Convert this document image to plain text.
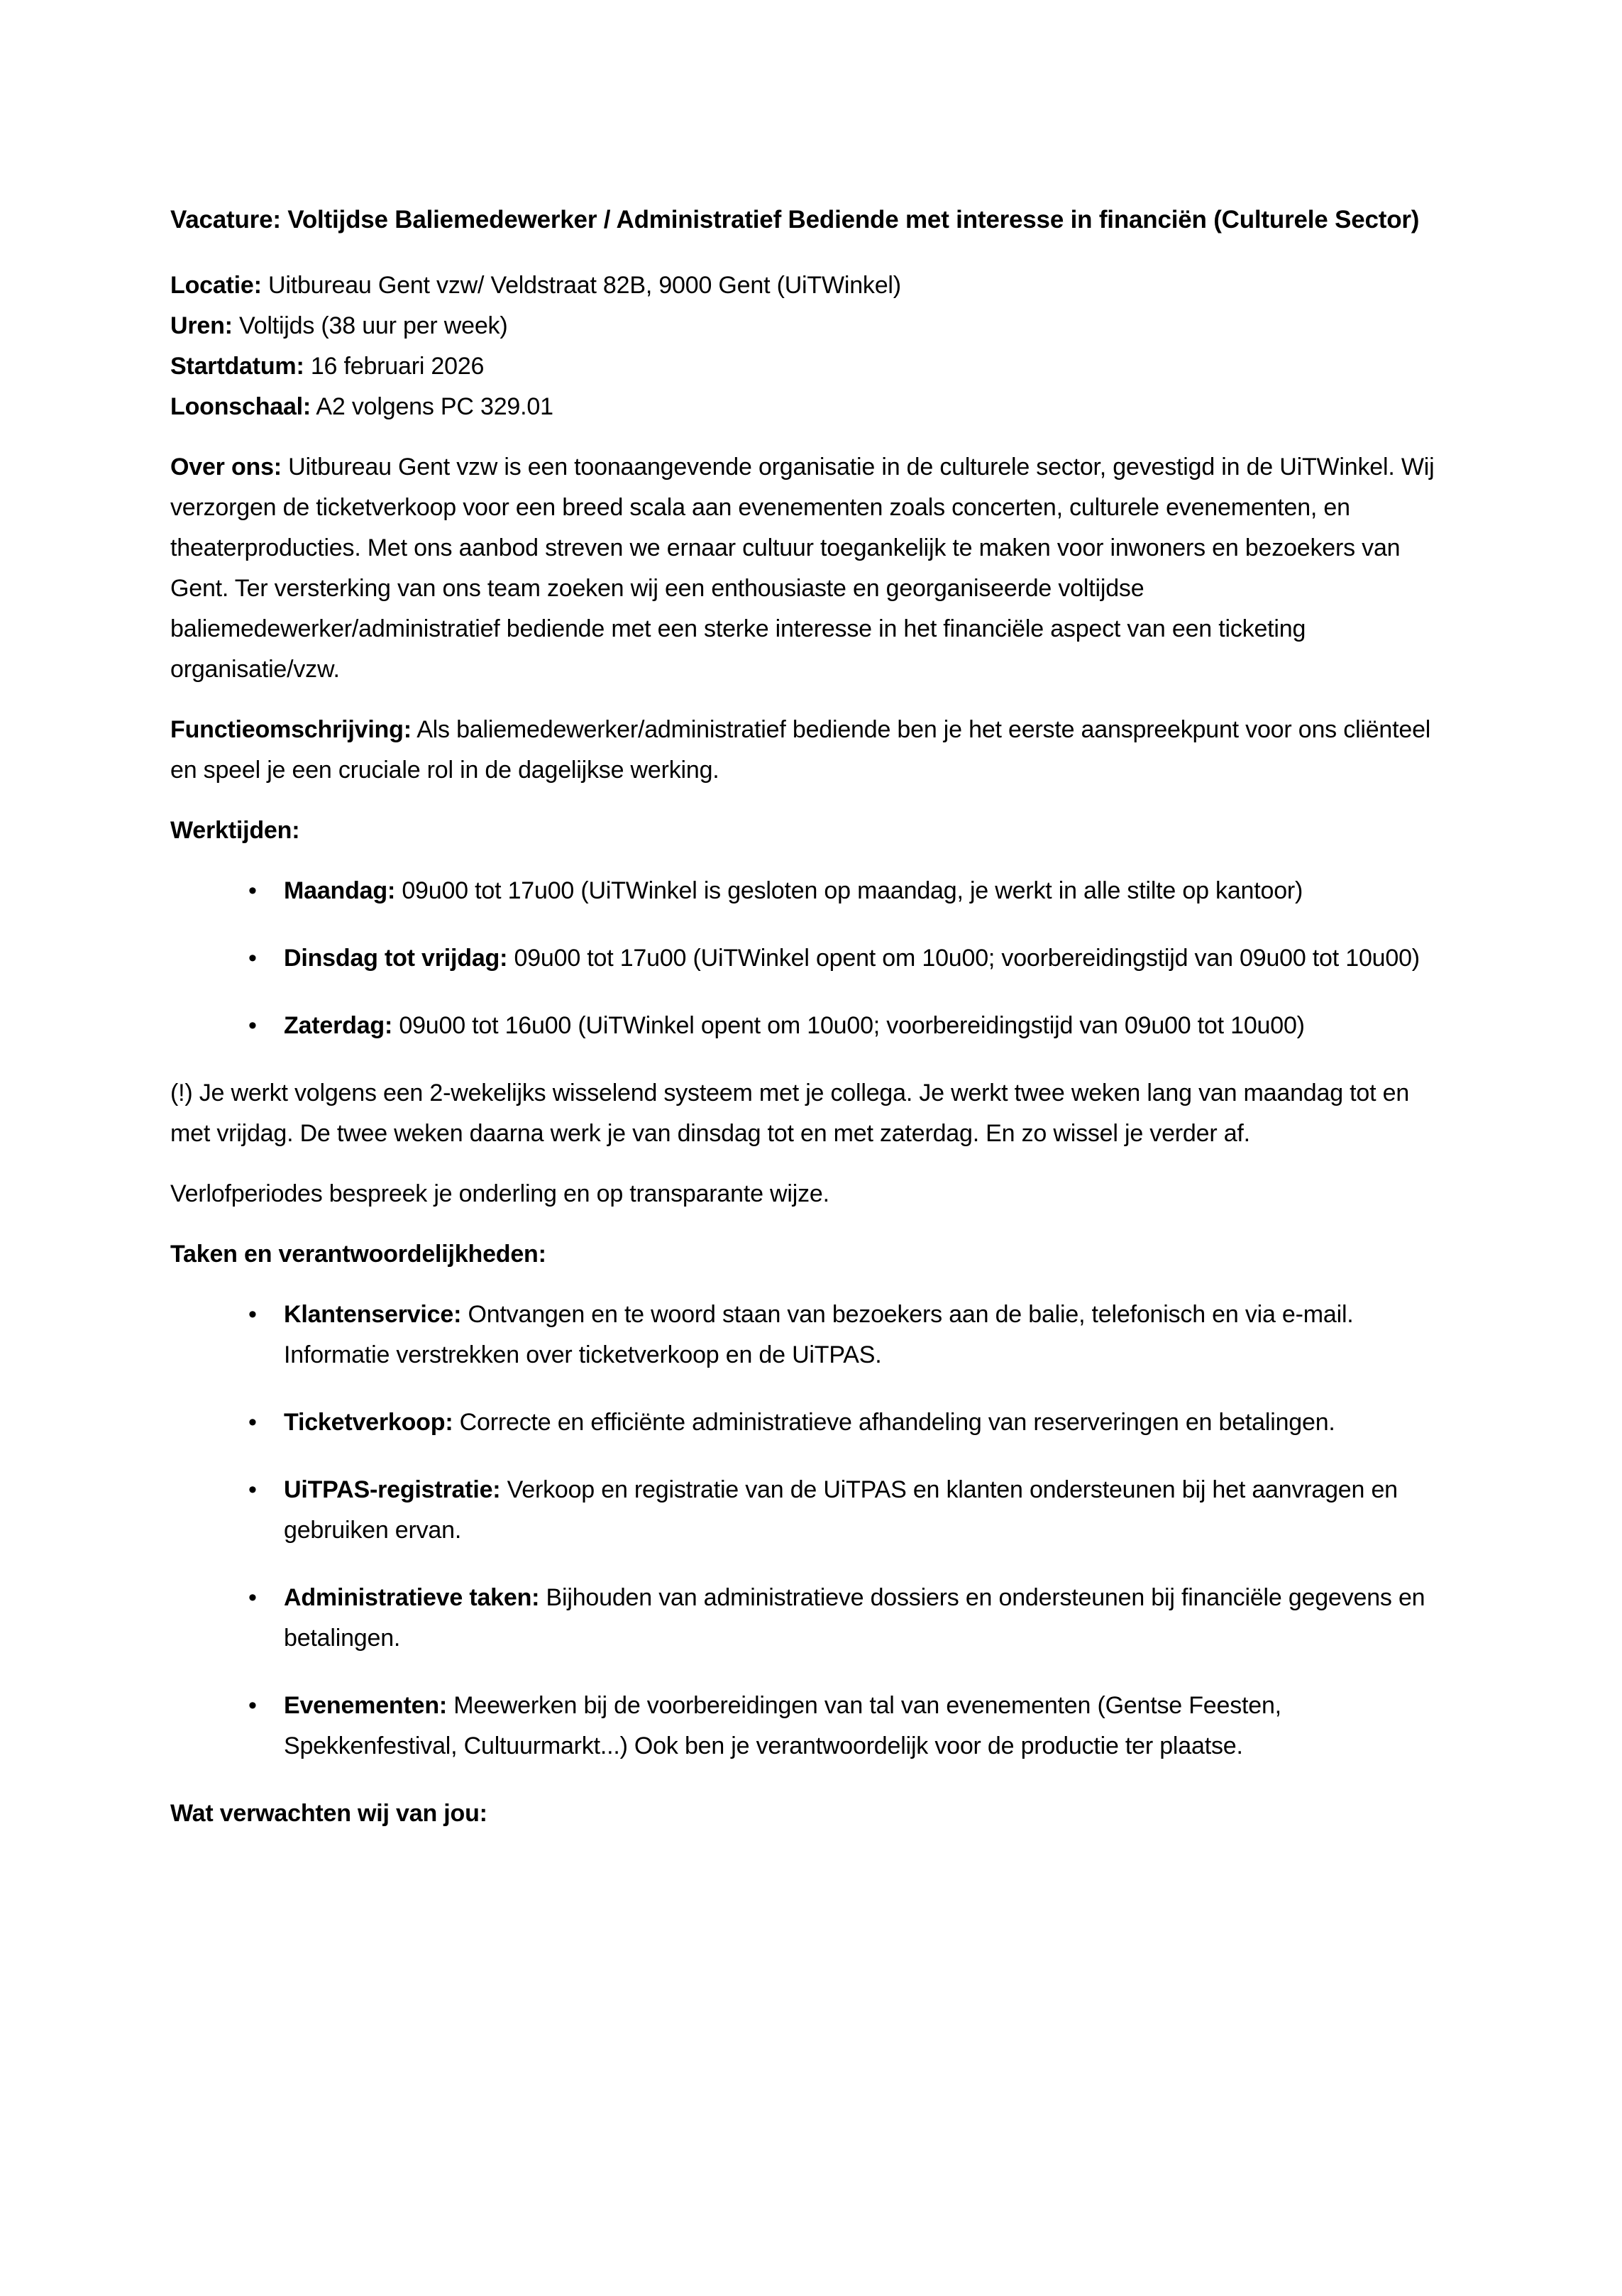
Vacature: Voltijdse Baliemedewerker / Administratief Bediende met interesse in financiën (Culturele Sector)
Locatie: Uitbureau Gent vzw/ Veldstraat 82B, 9000 Gent (UiTWinkel)
Uren: Voltijds (38 uur per week)
Startdatum: 16 februari 2026
Loonschaal: A2 volgens PC 329.01

Over ons: Uitbureau Gent vzw is een toonaangevende organisatie in de culturele sector, gevestigd in de UiTWinkel. Wij verzorgen de ticketverkoop voor een breed scala aan evenementen zoals concerten, culturele evenementen, en theaterproducties. Met ons aanbod streven we ernaar cultuur toegankelijk te maken voor inwoners en bezoekers van Gent. Ter versterking van ons team zoeken wij een enthousiaste en georganiseerde voltijdse baliemedewerker/administratief bediende met een sterke interesse in het financiële aspect van een ticketing organisatie/vzw.

Functieomschrijving: Als baliemedewerker/administratief bediende ben je het eerste aanspreekpunt voor ons cliënteel en speel je een cruciale rol in de dagelijkse werking.

Werktijden:
• Maandag: 09u00 tot 17u00 (UiTWinkel is gesloten op maandag, je werkt in alle stilte op kantoor)
• Dinsdag tot vrijdag: 09u00 tot 17u00 (UiTWinkel opent om 10u00; voorbereidingstijd van 09u00 tot 10u00)
• Zaterdag: 09u00 tot 16u00 (UiTWinkel opent om 10u00; voorbereidingstijd van 09u00 tot 10u00)

(!) Je werkt volgens een 2-wekelijks wisselend systeem met je collega. Je werkt twee weken lang van maandag tot en met vrijdag. De twee weken daarna werk je van dinsdag tot en met zaterdag. En zo wissel je verder af.

Verlofperiodes bespreek je onderling en op transparante wijze.

Taken en verantwoordelijkheden:
• Klantenservice: Ontvangen en te woord staan van bezoekers aan de balie, telefonisch en via e-mail. Informatie verstrekken over ticketverkoop en de UiTPAS.
• Ticketverkoop: Correcte en efficiënte administratieve afhandeling van reserveringen en betalingen.
• UiTPAS-registratie: Verkoop en registratie van de UiTPAS en klanten ondersteunen bij het aanvragen en gebruiken ervan.
• Administratieve taken: Bijhouden van administratieve dossiers en ondersteunen bij financiële gegevens en betalingen.
• Evenementen: Meewerken bij de voorbereidingen van tal van evenementen (Gentse Feesten, Spekkenfestival, Cultuurmarkt...) Ook ben je verantwoordelijk voor de productie ter plaatse.
Wat verwachten wij van jou:
